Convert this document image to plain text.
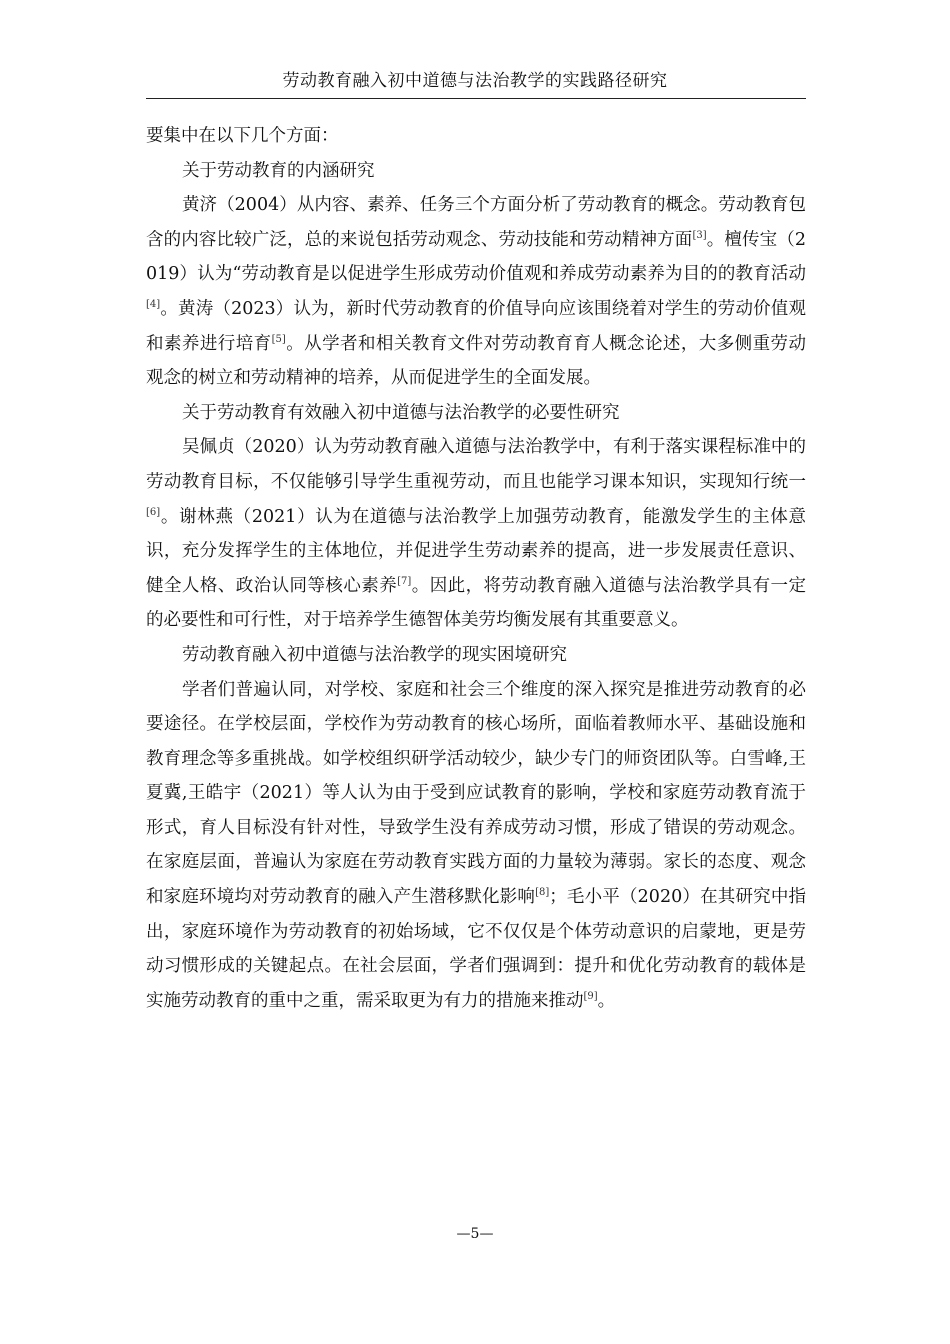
劳动教育融入初中道德与法治教学的实践路径研究

要集中在以下几个方面：

关于劳动教育的内涵研究

黄济（2004）从内容、素养、任务三个方面分析了劳动教育的概念。劳动教育包含的内容比较广泛，总的来说包括劳动观念、劳动技能和劳动精神方面[3]。檀传宝（2019）认为“劳动教育是以促进学生形成劳动价值观和养成劳动素养为目的的教育活动[4]。黄涛（2023）认为，新时代劳动教育的价值导向应该围绕着对学生的劳动价值观和素养进行培育[5]。从学者和相关教育文件对劳动教育育人概念论述，大多侧重劳动观念的树立和劳动精神的培养，从而促进学生的全面发展。

关于劳动教育有效融入初中道德与法治教学的必要性研究

吴佩贞（2020）认为劳动教育融入道德与法治教学中，有利于落实课程标准中的劳动教育目标，不仅能够引导学生重视劳动，而且也能学习课本知识，实现知行统一[6]。谢林燕（2021）认为在道德与法治教学上加强劳动教育，能激发学生的主体意识，充分发挥学生的主体地位，并促进学生劳动素养的提高，进一步发展责任意识、健全人格、政治认同等核心素养[7]。因此，将劳动教育融入道德与法治教学具有一定的必要性和可行性，对于培养学生德智体美劳均衡发展有其重要意义。

劳动教育融入初中道德与法治教学的现实困境研究

学者们普遍认同，对学校、家庭和社会三个维度的深入探究是推进劳动教育的必要途径。在学校层面，学校作为劳动教育的核心场所，面临着教师水平、基础设施和教育理念等多重挑战。如学校组织研学活动较少，缺少专门的师资团队等。白雪峰,王夏冀,王皓宇（2021）等人认为由于受到应试教育的影响，学校和家庭劳动教育流于形式，育人目标没有针对性，导致学生没有养成劳动习惯，形成了错误的劳动观念。在家庭层面，普遍认为家庭在劳动教育实践方面的力量较为薄弱。家长的态度、观念和家庭环境均对劳动教育的融入产生潜移默化影响[8]；毛小平（2020）在其研究中指出，家庭环境作为劳动教育的初始场域，它不仅仅是个体劳动意识的启蒙地，更是劳动习惯形成的关键起点。在社会层面，学者们强调到：提升和优化劳动教育的载体是实施劳动教育的重中之重，需采取更为有力的措施来推动[9]。

—5—
